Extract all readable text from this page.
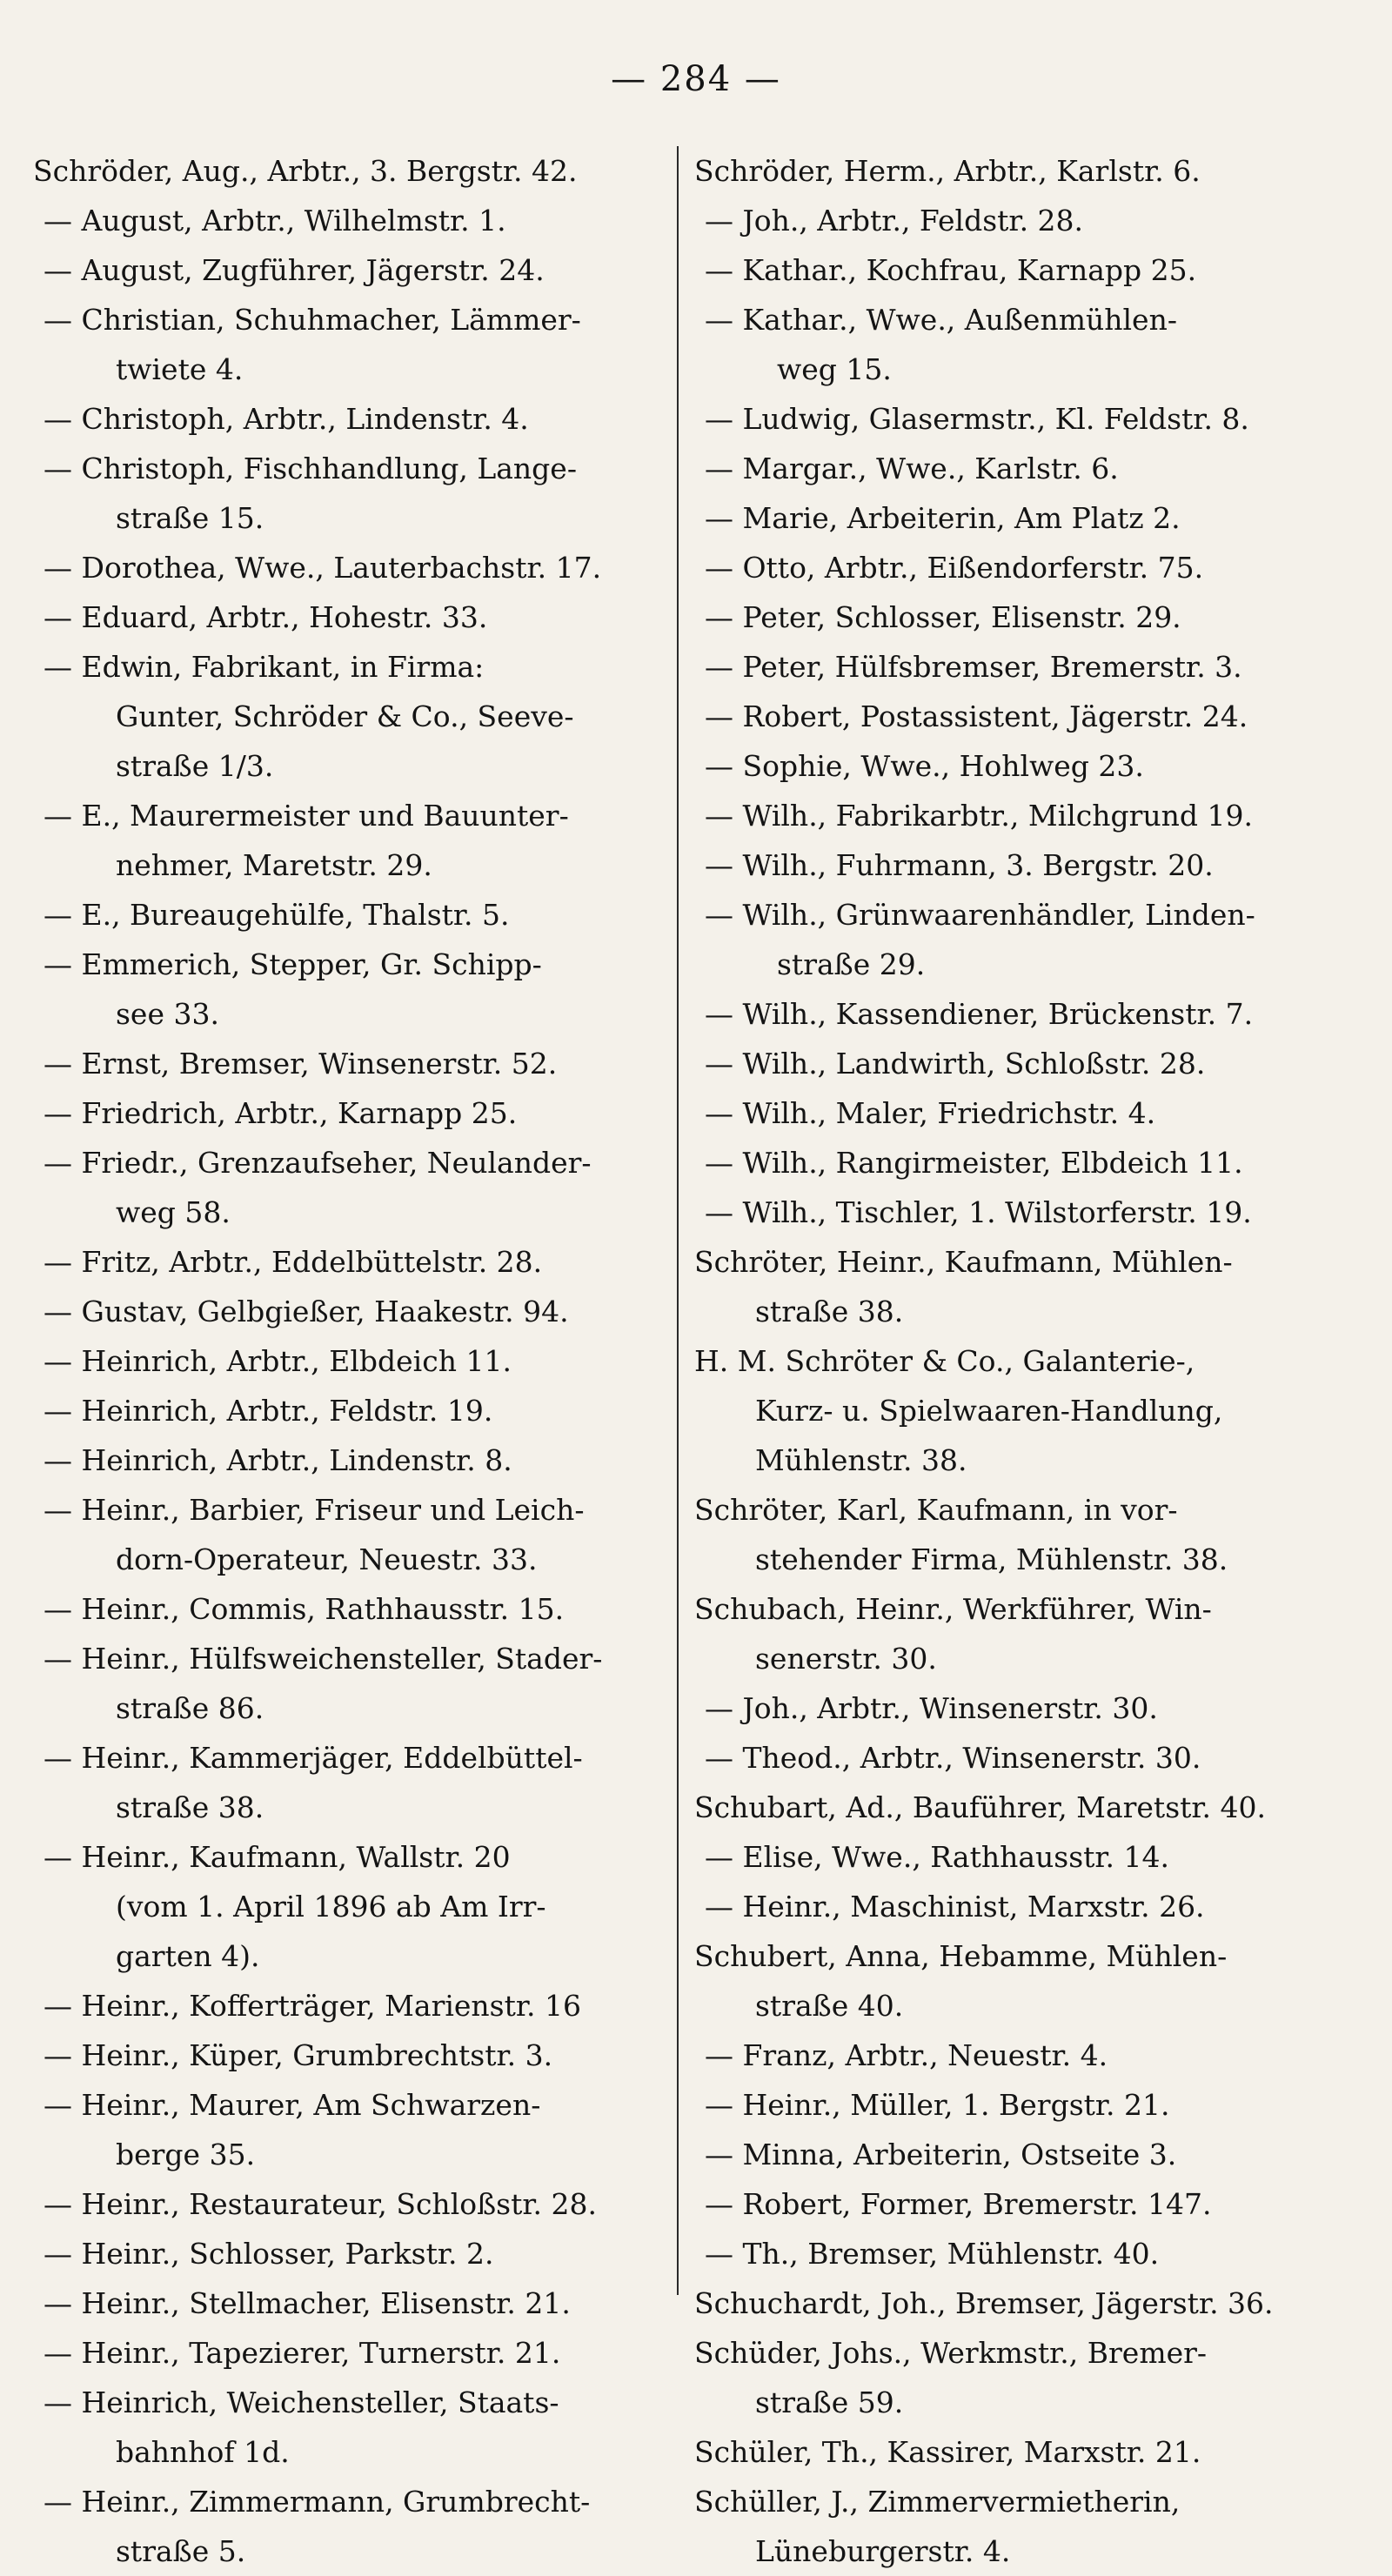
— 284 —
Schröder, Aug., Arbtr., 3. Bergstr. 42.
— August, Arbtr., Wilhelmstr. 1.
— August, Zugführer, Jägerstr. 24.
— Christian, Schuhmacher, Lämmer-
twiete 4.
— Christoph, Arbtr., Lindenstr. 4.
— Christoph, Fischhandlung, Lange-
straße 15.
— Dorothea, Wwe., Lauterbachstr. 17.
— Eduard, Arbtr., Hohestr. 33.
— Edwin, Fabrikant, in Firma:
Gunter, Schröder & Co., Seeve-
straße 1/3.
— E., Maurermeister und Bauunter-
nehmer, Maretstr. 29.
— E., Bureaugehülfe, Thalstr. 5.
— Emmerich, Stepper, Gr. Schipp-
see 33.
— Ernst, Bremser, Winsenerstr. 52.
— Friedrich, Arbtr., Karnapp 25.
— Friedr., Grenzaufseher, Neulander-
weg 58.
— Fritz, Arbtr., Eddelbüttelstr. 28.
— Gustav, Gelbgießer, Haakestr. 94.
— Heinrich, Arbtr., Elbdeich 11.
— Heinrich, Arbtr., Feldstr. 19.
— Heinrich, Arbtr., Lindenstr. 8.
— Heinr., Barbier, Friseur und Leich-
dorn-Operateur, Neuestr. 33.
— Heinr., Commis, Rathhausstr. 15.
— Heinr., Hülfsweichensteller, Stader-
straße 86.
— Heinr., Kammerjäger, Eddelbüttel-
straße 38.
— Heinr., Kaufmann, Wallstr. 20
(vom 1. April 1896 ab Am Irr-
garten 4).
— Heinr., Kofferträger, Marienstr. 16
— Heinr., Küper, Grumbrechtstr. 3.
— Heinr., Maurer, Am Schwarzen-
berge 35.
— Heinr., Restaurateur, Schloßstr. 28.
— Heinr., Schlosser, Parkstr. 2.
— Heinr., Stellmacher, Elisenstr. 21.
— Heinr., Tapezierer, Turnerstr. 21.
— Heinrich, Weichensteller, Staats-
bahnhof 1d.
— Heinr., Zimmermann, Grumbrecht-
straße 5.
Schröder, Herm., Arbtr., Karlstr. 6.
— Joh., Arbtr., Feldstr. 28.
— Kathar., Kochfrau, Karnapp 25.
— Kathar., Wwe., Außenmühlen-
weg 15.
— Ludwig, Glasermstr., Kl. Feldstr. 8.
— Margar., Wwe., Karlstr. 6.
— Marie, Arbeiterin, Am Platz 2.
— Otto, Arbtr., Eißendorferstr. 75.
— Peter, Schlosser, Elisenstr. 29.
— Peter, Hülfsbremser, Bremerstr. 3.
— Robert, Postassistent, Jägerstr. 24.
— Sophie, Wwe., Hohlweg 23.
— Wilh., Fabrikarbtr., Milchgrund 19.
— Wilh., Fuhrmann, 3. Bergstr. 20.
— Wilh., Grünwaarenhändler, Linden-
straße 29.
— Wilh., Kassendiener, Brückenstr. 7.
— Wilh., Landwirth, Schloßstr. 28.
— Wilh., Maler, Friedrichstr. 4.
— Wilh., Rangirmeister, Elbdeich 11.
— Wilh., Tischler, 1. Wilstorferstr. 19.
Schröter, Heinr., Kaufmann, Mühlen-
straße 38.
H. M. Schröter & Co., Galanterie-,
Kurz- u. Spielwaaren-Handlung,
Mühlenstr. 38.
Schröter, Karl, Kaufmann, in vor-
stehender Firma, Mühlenstr. 38.
Schubach, Heinr., Werkführer, Win-
senerstr. 30.
— Joh., Arbtr., Winsenerstr. 30.
— Theod., Arbtr., Winsenerstr. 30.
Schubart, Ad., Bauführer, Maretstr. 40.
— Elise, Wwe., Rathhausstr. 14.
— Heinr., Maschinist, Marxstr. 26.
Schubert, Anna, Hebamme, Mühlen-
straße 40.
— Franz, Arbtr., Neuestr. 4.
— Heinr., Müller, 1. Bergstr. 21.
— Minna, Arbeiterin, Ostseite 3.
— Robert, Former, Bremerstr. 147.
— Th., Bremser, Mühlenstr. 40.
Schuchardt, Joh., Bremser, Jägerstr. 36.
Schüder, Johs., Werkmstr., Bremer-
straße 59.
Schüler, Th., Kassirer, Marxstr. 21.
Schüller, J., Zimmervermietherin,
Lüneburgerstr. 4.
